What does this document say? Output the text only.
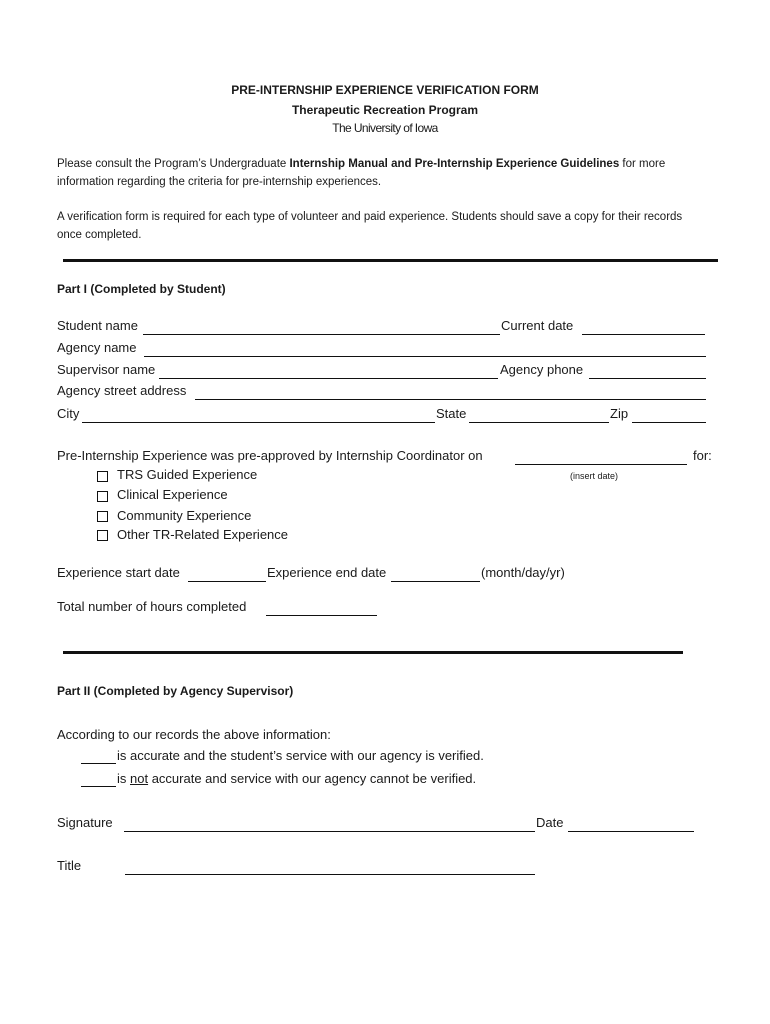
PRE-INTERNSHIP EXPERIENCE VERIFICATION FORM
Therapeutic Recreation Program
The University of Iowa
Please consult the Program’s Undergraduate Internship Manual and Pre-Internship Experience Guidelines for more information regarding the criteria for pre-internship experiences.
A verification form is required for each type of volunteer and paid experience. Students should save a copy for their records once completed.
Part I (Completed by Student)
Student name	Current date
Agency name
Supervisor name	Agency phone
Agency street address
City	State	Zip
Pre-Internship Experience was pre-approved by Internship Coordinator on	for:
(insert date)
TRS Guided Experience
Clinical Experience
Community Experience
Other TR-Related Experience
Experience start date	Experience end date	(month/day/yr)
Total number of hours completed
Part II (Completed by Agency Supervisor)
According to our records the above information:
is accurate and the student’s service with our agency is verified.
is not accurate and service with our agency cannot be verified.
Signature	Date
Title
